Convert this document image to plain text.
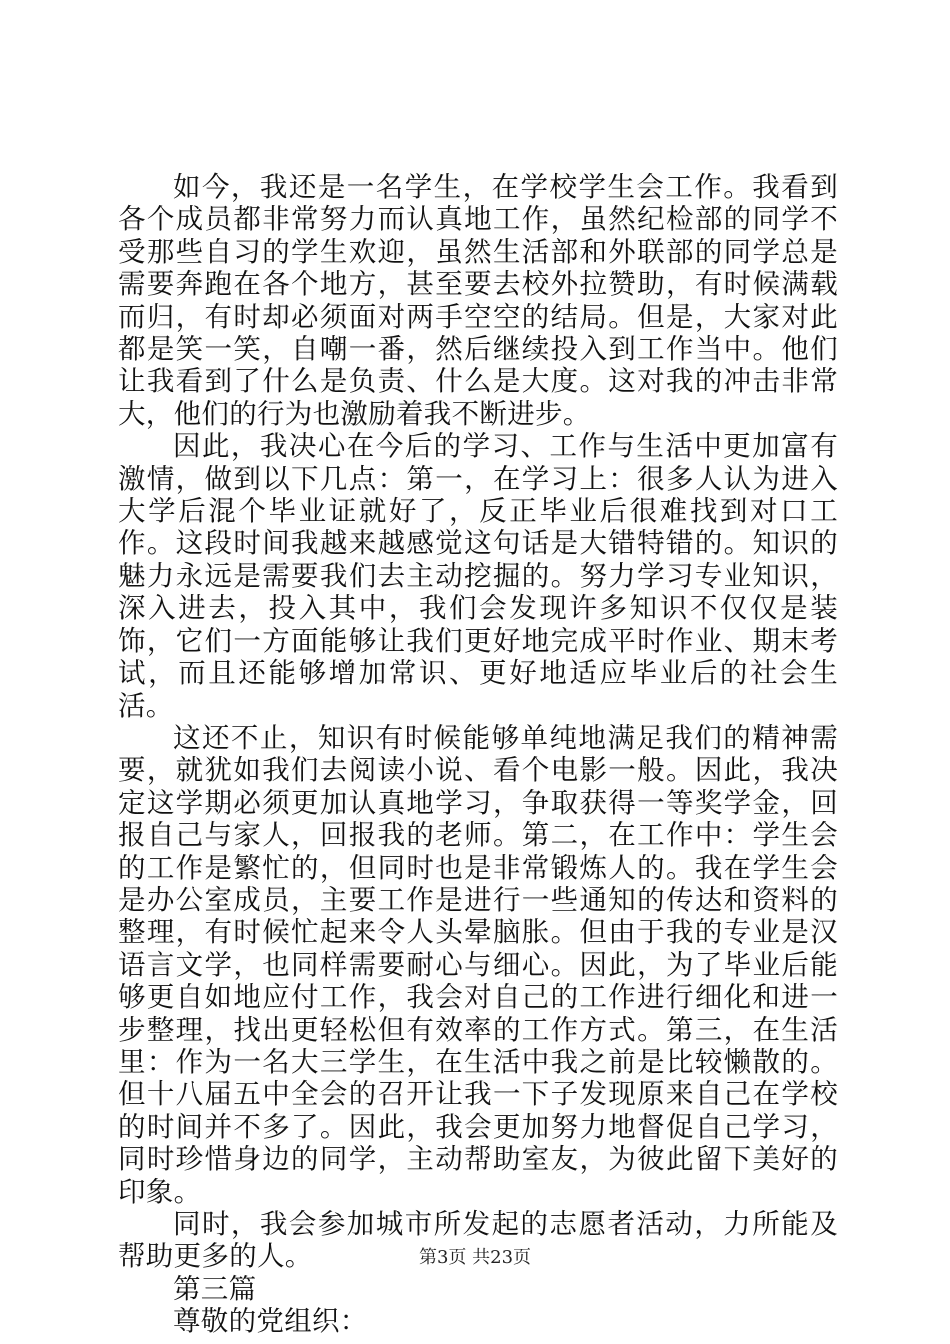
如今，我还是一名学生，在学校学生会工作。我看到各个成员都非常努力而认真地工作，虽然纪检部的同学不受那些自习的学生欢迎，虽然生活部和外联部的同学总是需要奔跑在各个地方，甚至要去校外拉赞助，有时候满载而归，有时却必须面对两手空空的结局。但是，大家对此都是笑一笑，自嘲一番，然后继续投入到工作当中。他们让我看到了什么是负责、什么是大度。这对我的冲击非常大，他们的行为也激励着我不断进步。

因此，我决心在今后的学习、工作与生活中更加富有激情，做到以下几点：第一，在学习上：很多人认为进入大学后混个毕业证就好了，反正毕业后很难找到对口工作。这段时间我越来越感觉这句话是大错特错的。知识的魅力永远是需要我们去主动挖掘的。努力学习专业知识，深入进去，投入其中，我们会发现许多知识不仅仅是装饰，它们一方面能够让我们更好地完成平时作业、期末考试，而且还能够增加常识、更好地适应毕业后的社会生活。

这还不止，知识有时候能够单纯地满足我们的精神需要，就犹如我们去阅读小说、看个电影一般。因此，我决定这学期必须更加认真地学习，争取获得一等奖学金，回报自己与家人，回报我的老师。第二，在工作中：学生会的工作是繁忙的，但同时也是非常锻炼人的。我在学生会是办公室成员，主要工作是进行一些通知的传达和资料的整理，有时候忙起来令人头晕脑胀。但由于我的专业是汉语言文学，也同样需要耐心与细心。因此，为了毕业后能够更自如地应付工作，我会对自己的工作进行细化和进一步整理，找出更轻松但有效率的工作方式。第三，在生活里：作为一名大三学生，在生活中我之前是比较懒散的。但十八届五中全会的召开让我一下子发现原来自己在学校的时间并不多了。因此，我会更加努力地督促自己学习，同时珍惜身边的同学，主动帮助室友，为彼此留下美好的印象。

同时，我会参加城市所发起的志愿者活动，力所能及帮助更多的人。

第三篇

尊敬的党组织：

第3页 共23页
